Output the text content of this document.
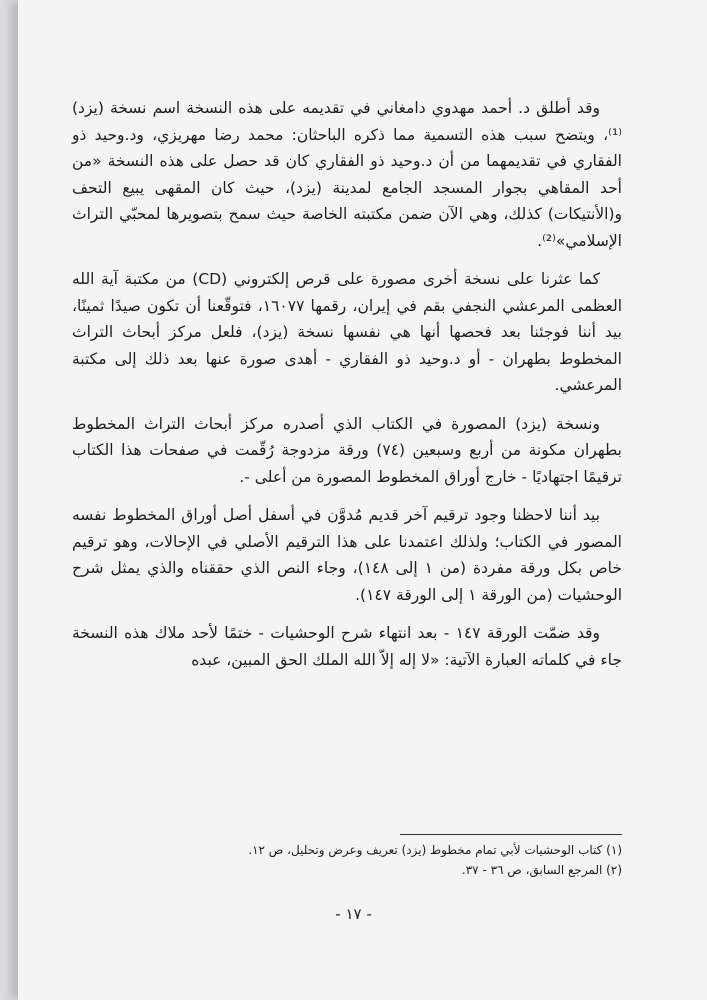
وقد أطلق د. أحمد مهدوي دامغاني في تقديمه على هذه النسخة اسم نسخة (يزد)⁽¹⁾، ويتضح سبب هذه التسمية مما ذكره الباحثان: محمد رضا مهريزي، ود.وحيد ذو الفقاري في تقديمهما من أن د.وحيد ذو الفقاري كان قد حصل على هذه النسخة «من أحد المقاهي بجوار المسجد الجامع لمدينة (يزد)، حيث كان المقهى يبيع التحف و(الأنتيكات) كذلك، وهي الآن ضمن مكتبته الخاصة حيث سمح بتصويرها لمحبّي التراث الإسلامي»⁽²⁾.

كما عثرنا على نسخة أخرى مصورة على قرص إلكتروني (CD) من مكتبة آية الله العظمى المرعشي النجفي بقم في إيران، رقمها ١٦٠٧٧، فتوقّعنا أن تكون صيدًا ثمينًا، بيد أننا فوجئنا بعد فحصها أنها هي نفسها نسخة (يزد)، فلعل مركز أبحاث التراث المخطوط بطهران - أو د.وحيد ذو الفقاري - أهدى صورة عنها بعد ذلك إلى مكتبة المرعشي.

ونسخة (يزد) المصورة في الكتاب الذي أصدره مركز أبحاث التراث المخطوط بطهران مكونة من أربع وسبعين (٧٤) ورقة مزدوجة رُقّمت في صفحات هذا الكتاب ترقيمًا اجتهاديًا - خارج أوراق المخطوط المصورة من أعلى -.

بيد أننا لاحظنا وجود ترقيم آخر قديم مُدوَّن في أسفل أصل أوراق المخطوط نفسه المصور في الكتاب؛ ولذلك اعتمدنا على هذا الترقيم الأصلي في الإحالات، وهو ترقيم خاص بكل ورقة مفردة (من ١ إلى ١٤٨)، وجاء النص الذي حققناه والذي يمثل شرح الوحشيات (من الورقة ١ إلى الورقة ١٤٧).

وقد ضمّت الورقة ١٤٧ - بعد انتهاء شرح الوحشيات - ختمًا لأحد ملاك هذه النسخة جاء في كلماته العبارة الآتية: «لا إله إلاّ الله الملك الحق المبين، عبده

(١) كتاب الوحشيات لأبي تمام مخطوط (يزد) تعريف وعرض وتحليل، ص ١٢.

(٢) المرجع السابق، ص ٣٦ - ٣٧.

- ١٧ -
